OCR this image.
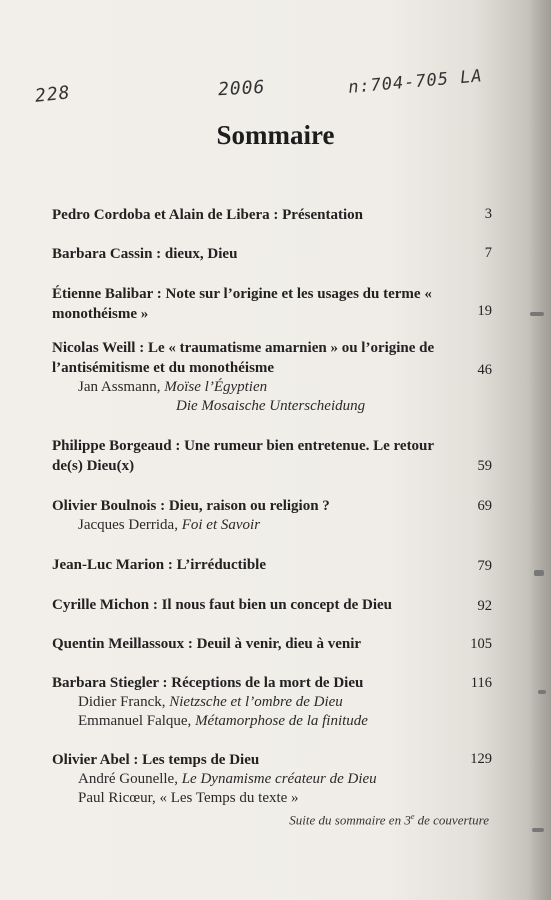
228	2006	n:704-705 LA
Sommaire
Pedro Cordoba et Alain de Libera : Présentation	3
Barbara Cassin : dieux, Dieu	7
Étienne Balibar : Note sur l’origine et les usages du terme « monothéisme »	19
Nicolas Weill : Le « traumatisme amarnien » ou l’origine de l’antisémitisme et du monothéisme	46
Jan Assmann, Moïse l’Égyptien
Die Mosaische Unterscheidung
Philippe Borgeaud : Une rumeur bien entretenue. Le retour de(s) Dieu(x)	59
Olivier Boulnois : Dieu, raison ou religion ?	69
Jacques Derrida, Foi et Savoir
Jean-Luc Marion : L’irréductible	79
Cyrille Michon : Il nous faut bien un concept de Dieu	92
Quentin Meillassoux : Deuil à venir, dieu à venir	105
Barbara Stiegler : Réceptions de la mort de Dieu	116
Didier Franck, Nietzsche et l’ombre de Dieu
Emmanuel Falque, Métamorphose de la finitude
Olivier Abel : Les temps de Dieu	129
André Gounelle, Le Dynamisme créateur de Dieu
Paul Ricœur, « Les Temps du texte »
Suite du sommaire en 3e de couverture
